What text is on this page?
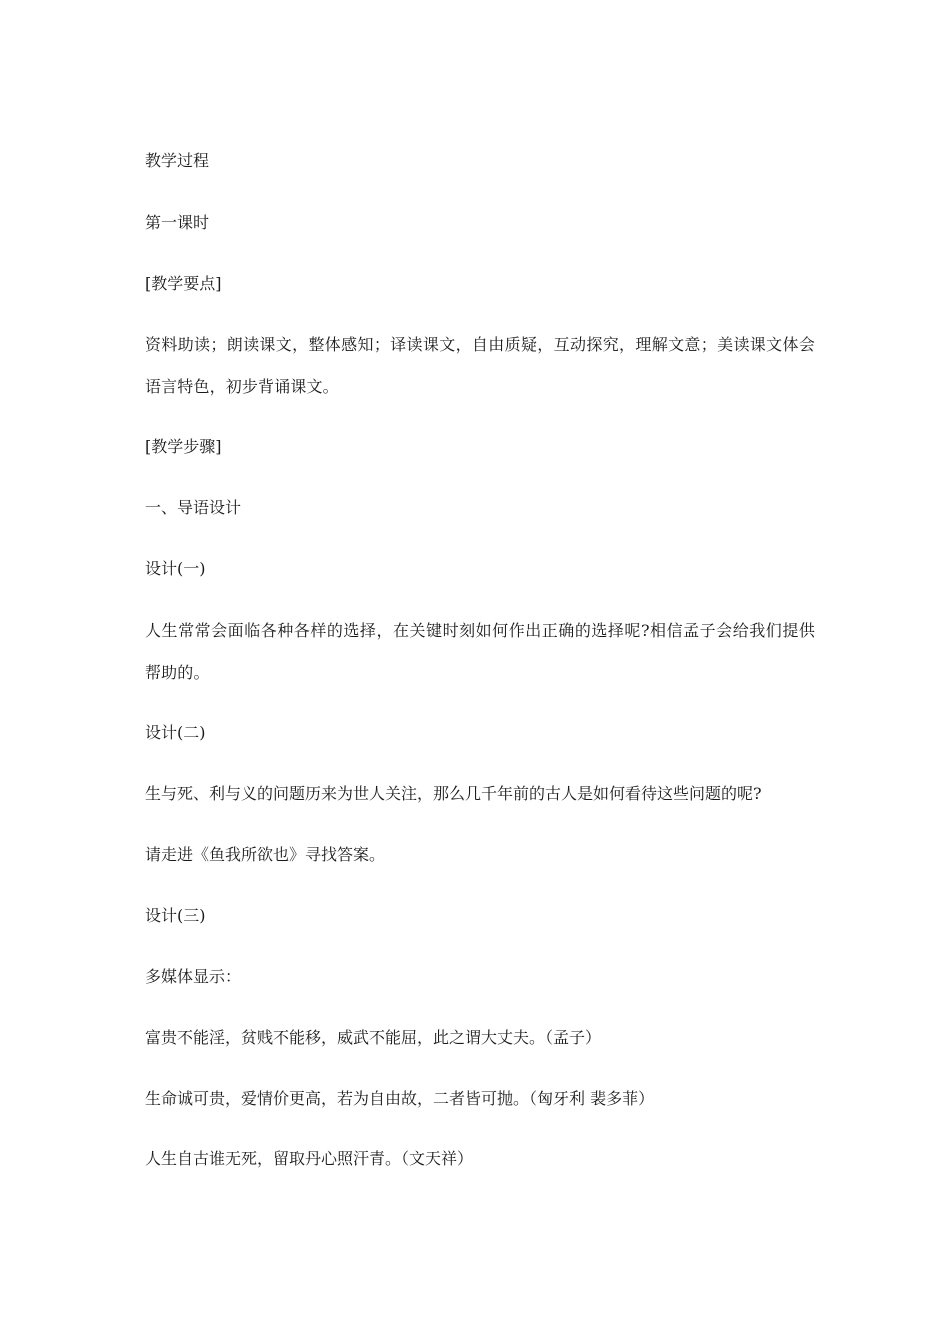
教学过程
第一课时
[教学要点]
资料助读；朗读课文，整体感知；译读课文，自由质疑，互动探究，理解文意；美读课文体会语言特色，初步背诵课文。
[教学步骤]
一、导语设计
设计(一)
人生常常会面临各种各样的选择，在关键时刻如何作出正确的选择呢?相信孟子会给我们提供帮助的。
设计(二)
生与死、利与义的问题历来为世人关注，那么几千年前的古人是如何看待这些问题的呢?
请走进《鱼我所欲也》寻找答案。
设计(三)
多媒体显示：
富贵不能淫，贫贱不能移，威武不能屈，此之谓大丈夫。（孟子）
生命诚可贵，爱情价更高，若为自由故，二者皆可抛。（匈牙利 裴多菲）
人生自古谁无死，留取丹心照汗青。（文天祥）
